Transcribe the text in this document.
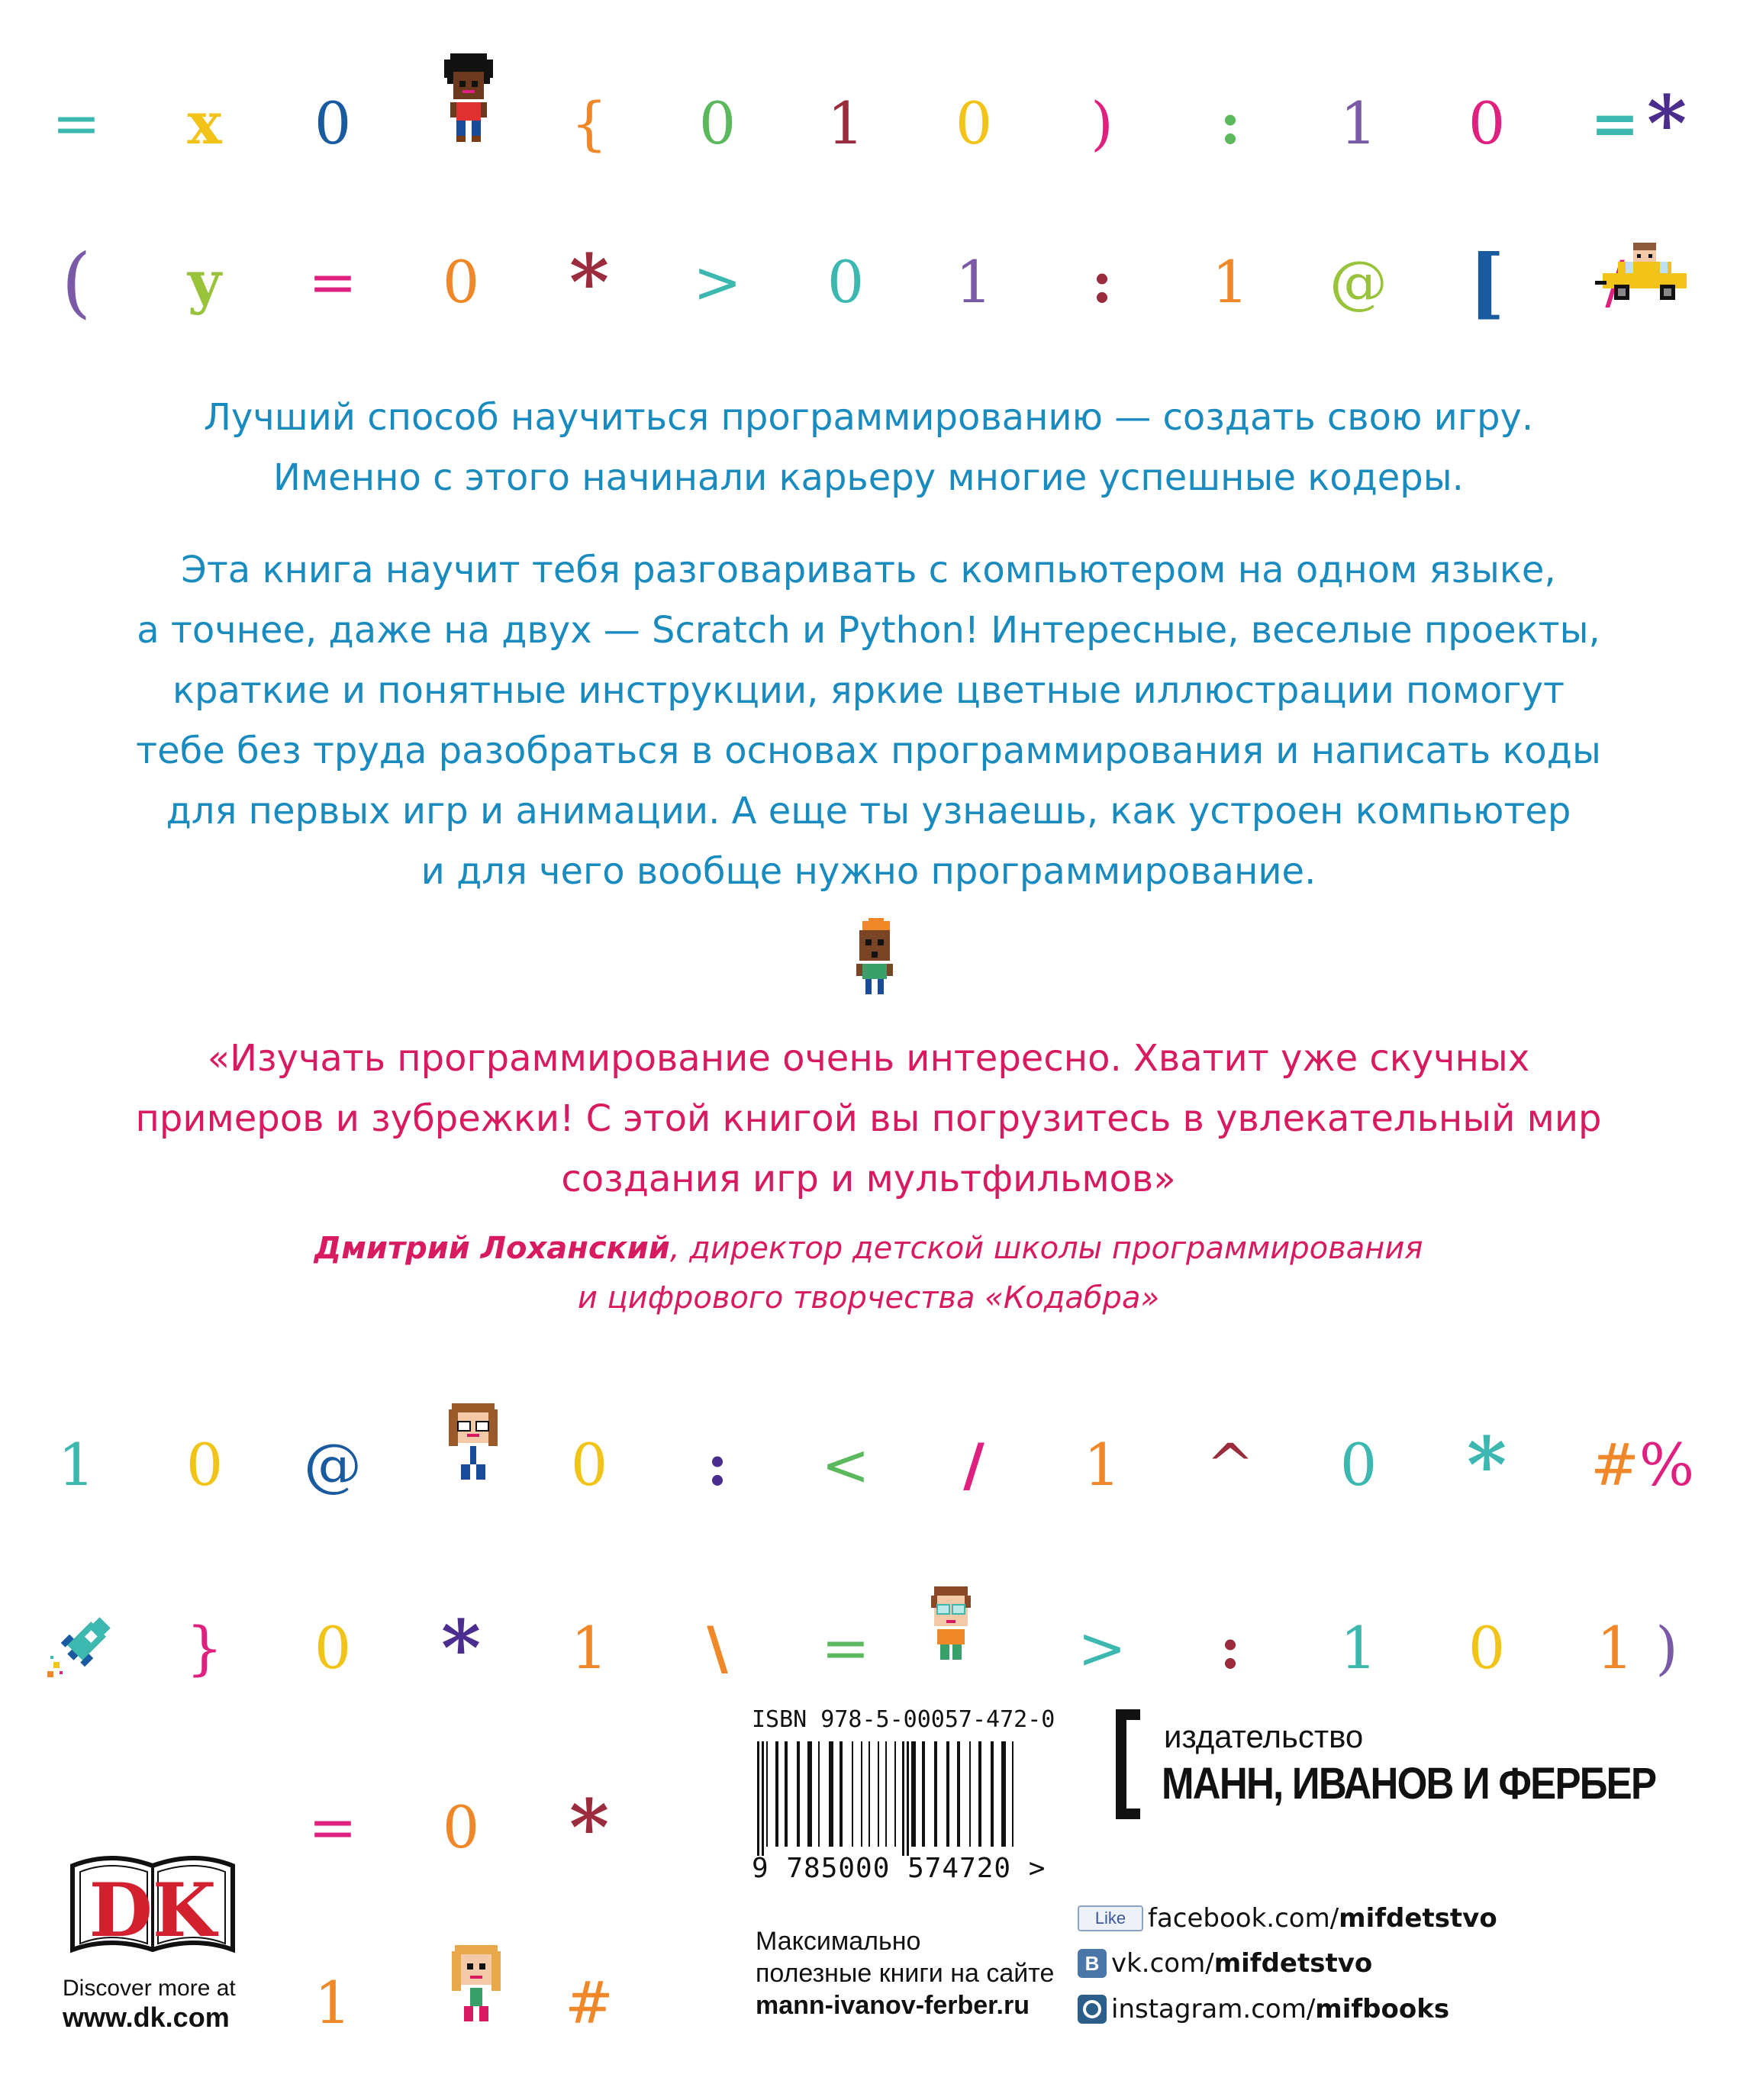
= x 0	{ 0 1 0 ) : 1 0 = *
( y = 0 * > 0 1 : 1 @ [
1 0 @	0 : < / 1 ^ 0 * # %
} 0 * 1 \ =	> : 1 0 1 )
= 0 *
1	#
Лучший способ научиться программированию — создать свою игру.
Именно с этого начинали карьеру многие успешные кодеры.
Эта книга научит тебя разговаривать с компьютером на одном языке,
а точнее, даже на двух — Scratch и Python! Интересные, веселые проекты,
краткие и понятные инструкции, яркие цветные иллюстрации помогут
тебе без труда разобраться в основах программирования и написать коды
для первых игр и анимации. А еще ты узнаешь, как устроен компьютер
и для чего вообще нужно программирование.
«Изучать программирование очень интересно. Хватит уже скучных
примеров и зубрежки! С этой книгой вы погрузитесь в увлекательный мир
создания игр и мультфильмов»
Дмитрий Лоханский, директор детской школы программирования
и цифрового творчества «Кодабра»
ISBN 978-5-00057-472-0
9 785000 574720 >
издательство
МАНН, ИВАНОВ И ФЕРБЕР
DK
Discover more at
www.dk.com
Максимально
полезные книги на сайте
mann-ivanov-ferber.ru
Like facebook.com/ mifdetstvo
B vk.com/ mifdetstvo
instagram.com/ mifbooks
